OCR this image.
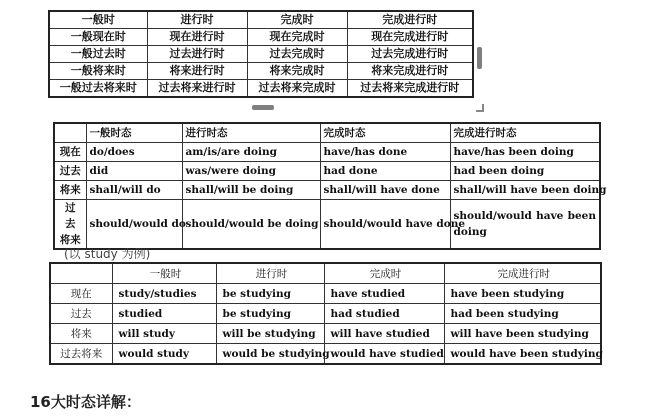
一般时	进行时	完成时	完成进行时
一般现在时	现在进行时	现在完成时	现在完成进行时
一般过去时	过去进行时	过去完成时	过去完成进行时
一般将来时	将来进行时	将来完成时	将来完成进行时
一般过去将来时	过去将来进行时	过去将来完成时	过去将来完成进行时
	一般时态	进行时态	完成时态	完成进行时态
现在	do/does	am/is/are doing	have/has done	have/has been doing
过去	did	was/were doing	had done	had been doing
将来	shall/will do	shall/will be doing	shall/will have done	shall/will have been doing
过 去 将来	should/would do	should/would be doing	should/would have done	should/would have been doing
(以 study 为例)
	一般时	进行时	完成时	完成进行时
现在	study/studies	be studying	have studied	have been studying
过去	studied	be studying	had studied	had been studying
将来	will study	will be studying	will have studied	will have been studying
过去将来	would study	would be studying	would have studied	would have been studying
16大时态详解：
